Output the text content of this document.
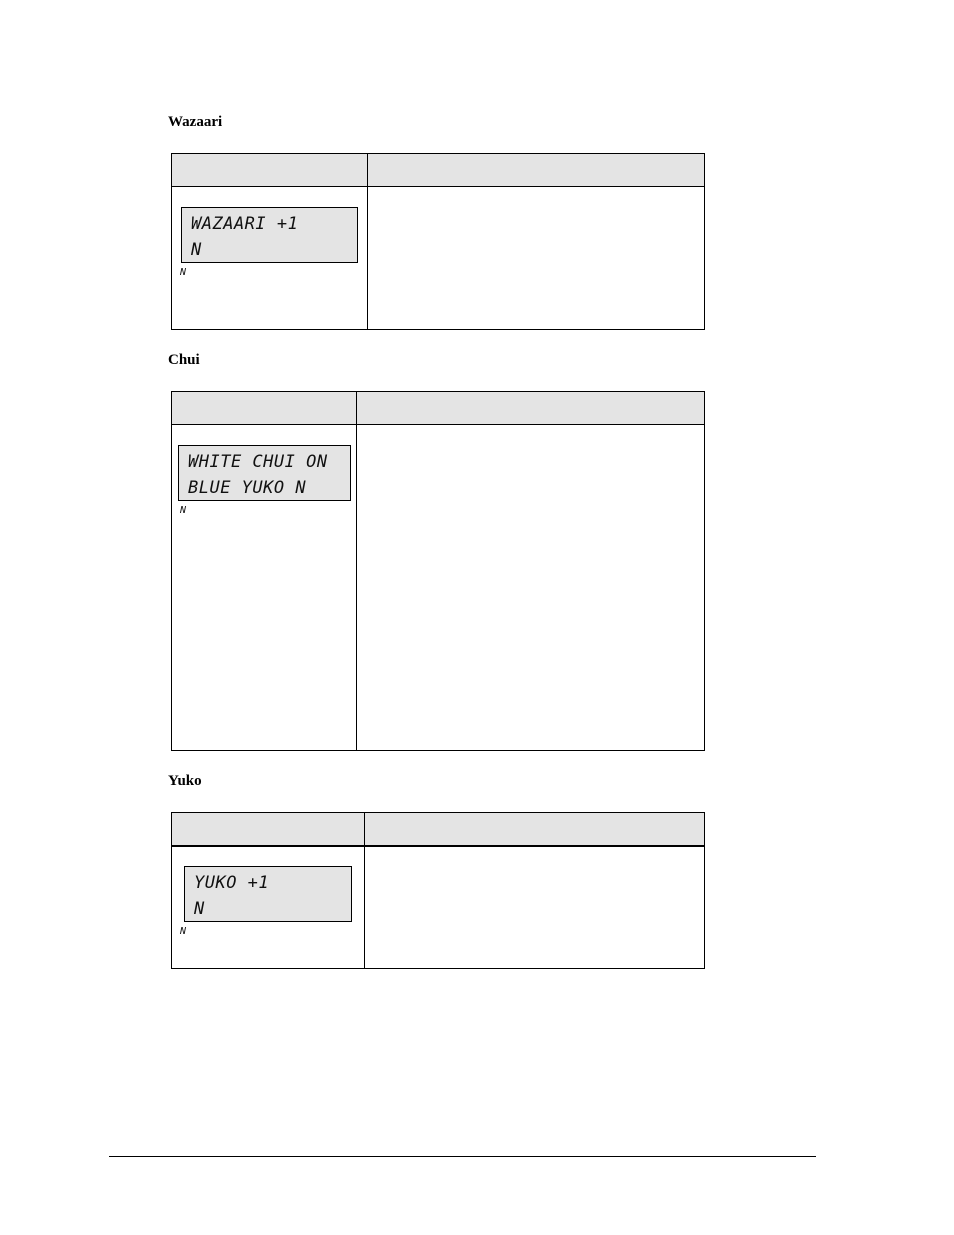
Wazaari
WAZAARI +1
N
N
Chui
WHITE CHUI ON
BLUE YUKO N
N
Yuko
YUKO +1
N
N
